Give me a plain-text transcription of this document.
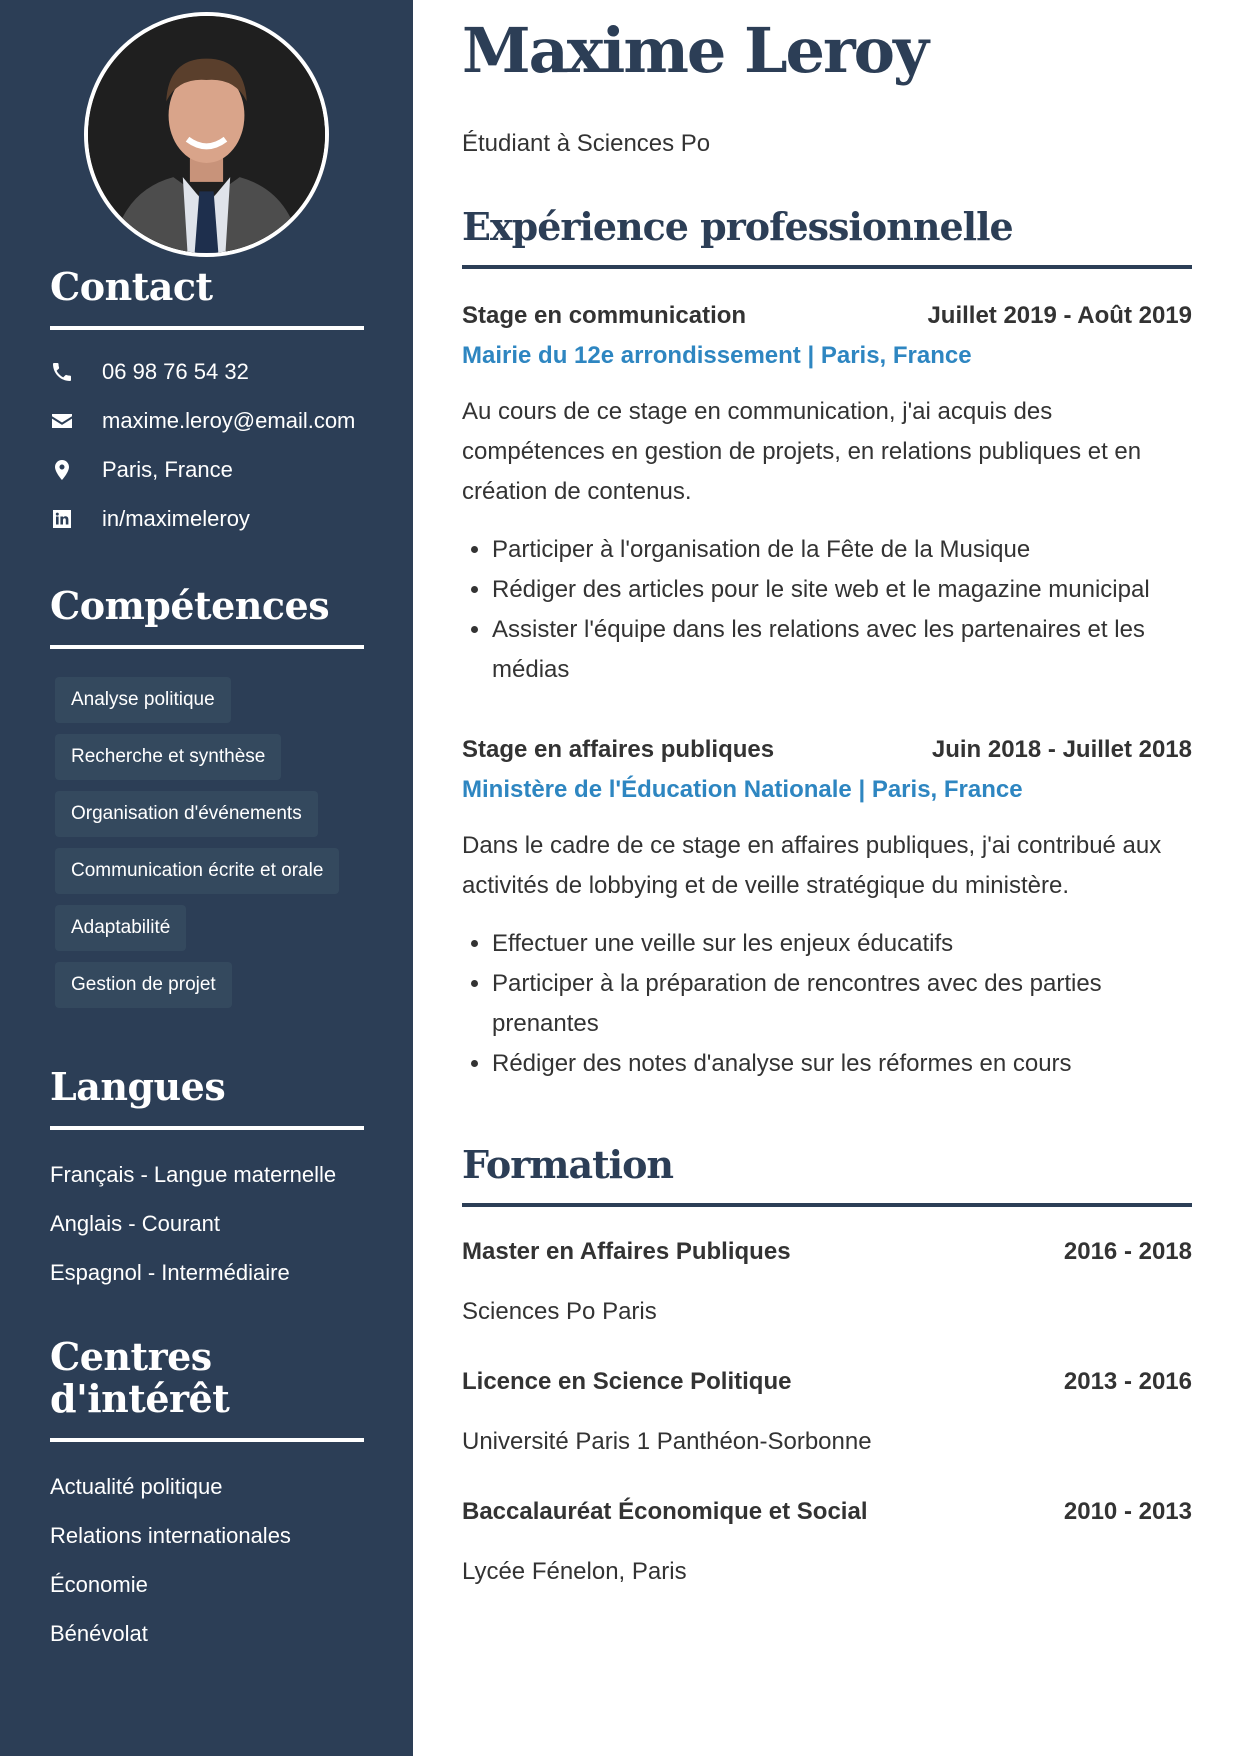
Contact
06 98 76 54 32
maxime.leroy@email.com
Paris, France
in/maximeleroy
Compétences
Analyse politique
Recherche et synthèse
Organisation d'événements
Communication écrite et orale
Adaptabilité
Gestion de projet
Langues
Français - Langue maternelle
Anglais - Courant
Espagnol - Intermédiaire
Centres d'intérêt
Actualité politique
Relations internationales
Économie
Bénévolat
Maxime Leroy

Étudiant à Sciences Po

Expérience professionnelle
Stage en communication	Juillet 2019 - Août 2019
Mairie du 12e arrondissement | Paris, France

Au cours de ce stage en communication, j'ai acquis des compétences en gestion de projets, en relations publiques et en création de contenus.

• Participer à l'organisation de la Fête de la Musique
• Rédiger des articles pour le site web et le magazine municipal
• Assister l'équipe dans les relations avec les partenaires et les médias
Stage en affaires publiques	Juin 2018 - Juillet 2018
Ministère de l'Éducation Nationale | Paris, France

Dans le cadre de ce stage en affaires publiques, j'ai contribué aux activités de lobbying et de veille stratégique du ministère.

• Effectuer une veille sur les enjeux éducatifs
• Participer à la préparation de rencontres avec des parties prenantes
• Rédiger des notes d'analyse sur les réformes en cours
Formation
Master en Affaires Publiques	2016 - 2018
Sciences Po Paris
Licence en Science Politique	2013 - 2016
Université Paris 1 Panthéon-Sorbonne
Baccalauréat Économique et Social	2010 - 2013
Lycée Fénelon, Paris
